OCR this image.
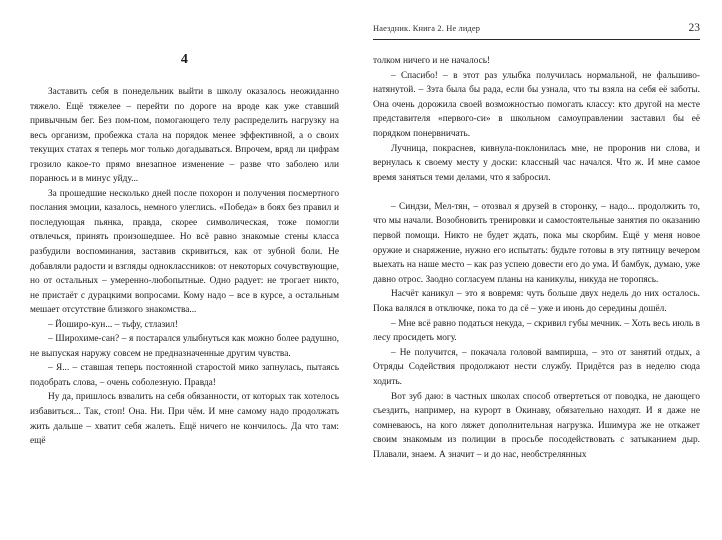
4

Заставить себя в понедельник выйти в школу оказалось неожиданно тяжело. Ещё тяжелее – перейти по дороге на вроде как уже ставший привычным бег. Без пом-пом, помогающего телу распределить нагрузку на весь организм, пробежка стала на порядок менее эффективной, а о своих текущих статах я теперь мог только догадываться. Впрочем, вряд ли цифрам грозило какое-то прямо внезапное изменение – разве что заболею или поранюсь и в минус уйду...

За прошедшие несколько дней после похорон и получения посмертного послания эмоции, казалось, немного улеглись. «Победа» в боях без правил и последующая пьянка, правда, скорее символическая, тоже помогли отвлечься, принять произошедшее. Но всё равно знакомые стены класса разбудили воспоминания, заставив скривиться, как от зубной боли. Не добавляли радости и взгляды одноклассников: от некоторых сочувствующие, но от остальных – умеренно-любопытные. Одно радует: не трогает никто, не пристаёт с дурацкими вопросами. Кому надо – все в курсе, а остальным мешает отсутствие близкого знакомства...

– Йоширо-кун... – тьфу, стлазил!

– Широхиме-сан? – я постарался улыбнуться как можно более радушно, не выпуская наружу совсем не предназначенные другим чувства.

– Я... – ставшая теперь постоянной старостой мико запнулась, пытаясь подобрать слова, – очень соболезную. Правда!

Ну да, пришлось взвалить на себя обязанности, от которых так хотелось избавиться... Так, стоп! Она. Ни. При чём. И мне самому надо продолжать жить дальше – хватит себя жалеть. Ещё ничего не кончилось. Да что там: ещё

Наездник. Книга 2. Не лидер	23

толком ничего и не началось!

– Спасибо! – в этот раз улыбка получилась нормальной, не фальшиво-натянутой. – Зэта была бы рада, если бы узнала, что ты взяла на себя её заботы. Она очень дорожила своей возможностью помогать классу: кто другой на месте представителя «первого-си» в школьном самоуправлении заставил бы её порядком понервничать.

Лучница, покраснев, кивнула-поклонилась мне, не проронив ни слова, и вернулась к своему месту у доски: классный час начался. Что ж. И мне самое время заняться теми делами, что я забросил.

– Синдзи, Мел-тян, – отозвал я друзей в сторонку, – надо... продолжить то, что мы начали. Возобновить тренировки и самостоятельные занятия по оказанию первой помощи. Никто не будет ждать, пока мы скорбим. Ещё у меня новое оружие и снаряжение, нужно его испытать: будьте готовы в эту пятницу вечером выехать на наше место – как раз успею довести его до ума. И бамбук, думаю, уже давно отрос. Заодно согласуем планы на каникулы, никуда не торопясь.

Насчёт каникул – это я вовремя: чуть больше двух недель до них осталось. Пока валялся в отключке, пока то да сё – уже и июнь до середины дошёл.

– Мне всё равно податься некуда, – скривил губы мечник. – Хоть весь июль в лесу просидеть могу.

– Не получится, – покачала головой вампирша, – это от занятий отдых, а Отряды Содействия продолжают нести службу. Придётся раз в неделю сюда ходить.

Вот зуб даю: в частных школах способ отвертеться от поводка, не дающего съездить, например, на курорт в Окинаву, обязательно находят. И я даже не сомневаюсь, на кого ляжет дополнительная нагрузка. Ишимура же не откажет своим знакомым из полиции в просьбе посодействовать с затыканием дыр. Плавали, знаем. А значит – и до нас, необстрелянных
